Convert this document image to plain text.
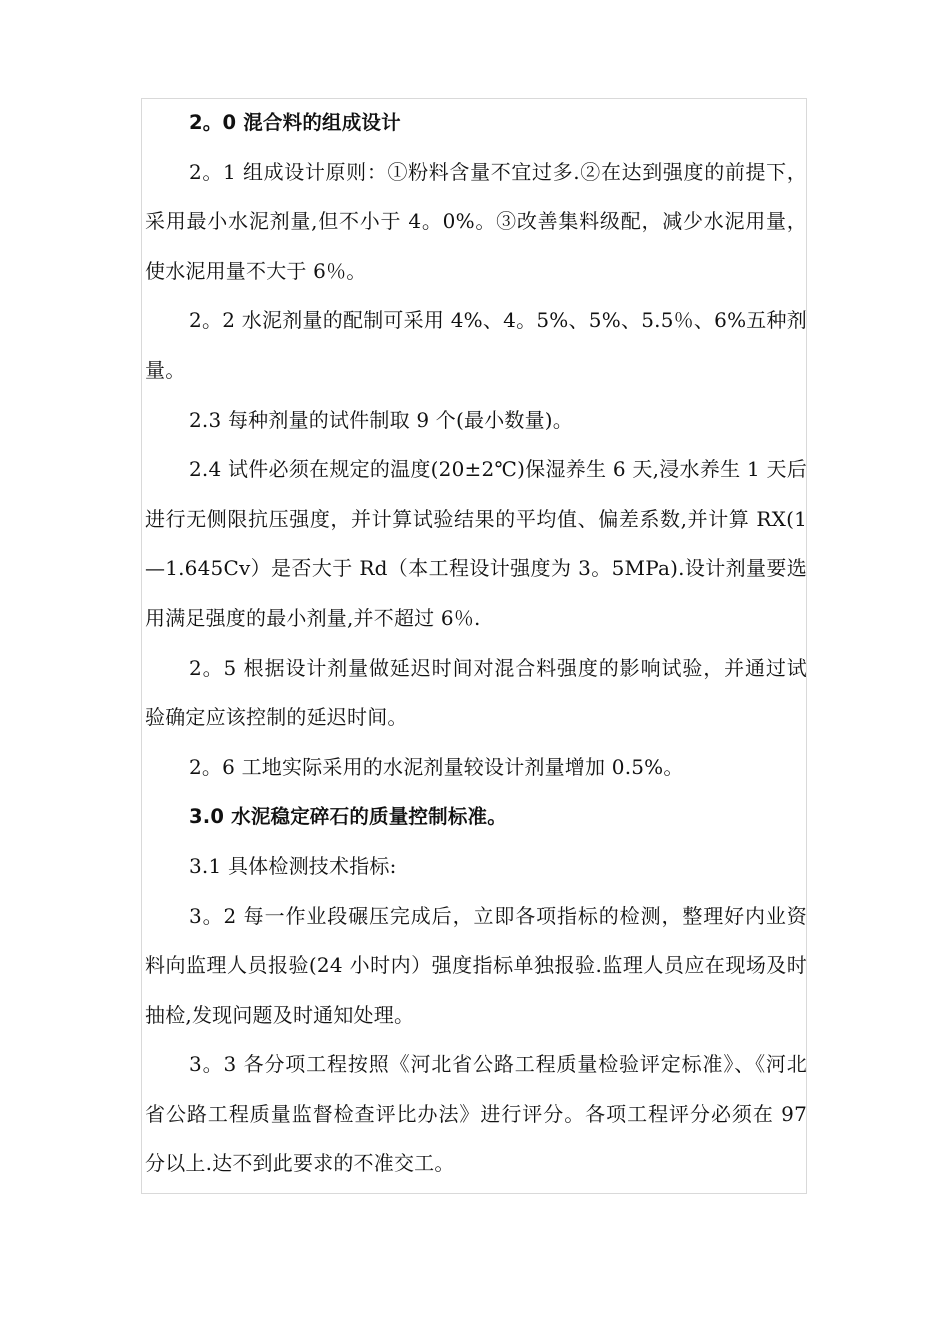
2。0 混合料的组成设计

2。1 组成设计原则：①粉料含量不宜过多.②在达到强度的前提下，采用最小水泥剂量,但不小于 4。0%。③改善集料级配，减少水泥用量，使水泥用量不大于 6％。

2。2 水泥剂量的配制可采用 4%、4。5%、5%、5.5％、6%五种剂量。

2.3 每种剂量的试件制取 9 个(最小数量)。

2.4 试件必须在规定的温度(20±2℃)保湿养生 6 天,浸水养生 1 天后进行无侧限抗压强度，并计算试验结果的平均值、偏差系数,并计算 RX(1—1.645Cv）是否大于 Rd（本工程设计强度为 3。5MPa).设计剂量要选用满足强度的最小剂量,并不超过 6％.

2。5 根据设计剂量做延迟时间对混合料强度的影响试验，并通过试验确定应该控制的延迟时间。

2。6 工地实际采用的水泥剂量较设计剂量增加 0.5%。

3.0 水泥稳定碎石的质量控制标准。

3.1 具体检测技术指标:

3。2 每一作业段碾压完成后，立即各项指标的检测，整理好内业资料向监理人员报验(24 小时内）强度指标单独报验.监理人员应在现场及时抽检,发现问题及时通知处理。

3。3 各分项工程按照《河北省公路工程质量检验评定标准》、《河北省公路工程质量监督检查评比办法》进行评分。各项工程评分必须在 97 分以上.达不到此要求的不准交工。
